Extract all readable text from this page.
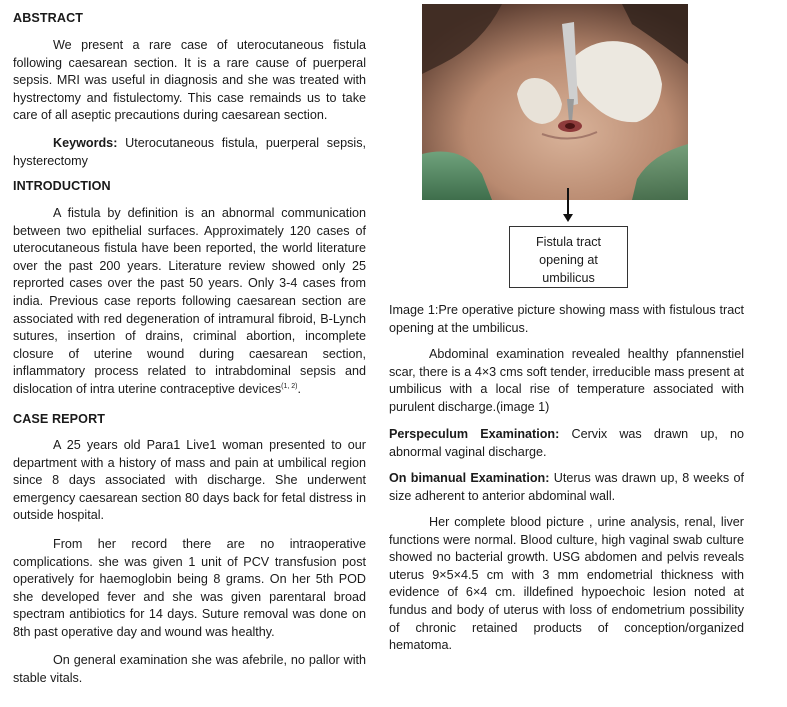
ABSTRACT

We present a rare case of uterocutaneous fistula following caesarean section. It is a rare cause of puerperal sepsis. MRI was useful in diagnosis and she was treated with hystrectomy and fistulectomy. This case remainds us to take care of all aseptic precautions during caesarean section.

Keywords: Uterocutaneous fistula, puerperal sepsis, hysterectomy

INTRODUCTION

A fistula by definition is an abnormal communication between two epithelial surfaces. Approximately 120 cases of uterocutaneous fistula have been reported, the world literature over the past 200 years. Literature review showed only 25 reprorted cases over the past 50 years. Only 3-4 cases from india. Previous case reports following caesarean section are associated with red degeneration of intramural fibroid, B-Lynch sutures, insertion of drains, criminal abortion, incomplete closure of uterine wound during caesarean section, inflammatory process related to intrabdominal sepsis and dislocation of intra uterine contraceptive devices$^{(1, 2)}$.

CASE REPORT

A 25 years old Para1 Live1 woman presented to our department with a history of mass and pain at umbilical region since 8 days associated with discharge. She underwent emergency caesarean section 80 days back for fetal distress in outside hospital.

From her record there are no intraoperative complications. she was given 1 unit of PCV transfusion post operatively for haemoglobin being 8 grams. On her 5th POD she developed fever and she was given parentaral broad spectram antibiotics for 14 days. Suture removal was done on 8th past operative day and wound was healthy.

On general examination she was afebrile, no pallor with stable vitals.

Fistula tract
opening at
umbilicus

Image 1:Pre operative picture showing mass with fistulous tract opening at the umbilicus.

Abdominal examination revealed healthy pfannenstiel scar, there is a 4×3 cms soft tender, irreducible mass present at umbilicus with a local rise of temperature associated with purulent discharge.(image 1)

Perspeculum Examination: Cervix was drawn up, no abnormal vaginal discharge.

On bimanual Examination: Uterus was drawn up, 8 weeks of size adherent to anterior abdominal wall.

Her complete blood picture , urine analysis, renal, liver functions were normal. Blood culture, high vaginal swab culture showed no bacterial growth. USG abdomen and pelvis reveals uterus 9×5×4.5 cm with 3 mm endometrial thickness with evidence of 6×4 cm. illdefined hypoechoic lesion noted at fundus and body of uterus with loss of endometrium possibility of chronic retained products of conception/organized hematoma.
